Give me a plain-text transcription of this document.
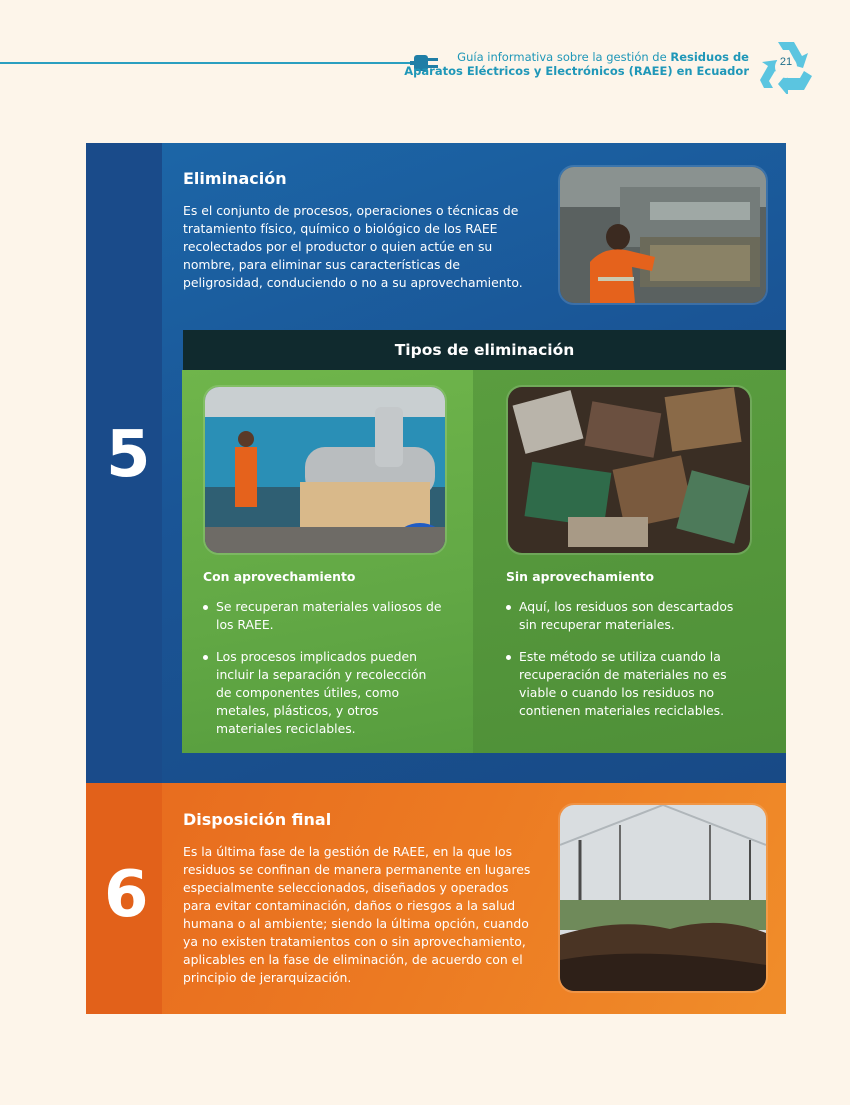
Guía informativa sobre la gestión de Residuos de
Aparatos Eléctricos y Electrónicos (RAEE) en Ecuador
21
5
Eliminación

Es el conjunto de procesos, operaciones o técnicas de tratamiento físico, químico o biológico de los RAEE recolectados por el productor o quien actúe en su nombre, para eliminar sus características de peligrosidad, conduciendo o no a su aprovechamiento.

Tipos de eliminación
Con aprovechamiento
Se recuperan materiales valiosos de los RAEE.
Los procesos implicados pueden incluir la separación y recolección de componentes útiles, como metales, plásticos, y otros materiales reciclables.
Sin aprovechamiento
Aquí, los residuos son descartados sin recuperar materiales.
Este método se utiliza cuando la recuperación de materiales no es viable o cuando los residuos no contienen materiales reciclables.
6
Disposición final

Es la última fase de la gestión de RAEE, en la que los residuos se confinan de manera permanente en lugares especialmente seleccionados, diseñados y operados para evitar contaminación, daños o riesgos a la salud humana o al ambiente; siendo la última opción, cuando ya no existen tratamientos con o sin aprovechamiento, aplicables en la fase de eliminación, de acuerdo con el principio de jerarquización.
